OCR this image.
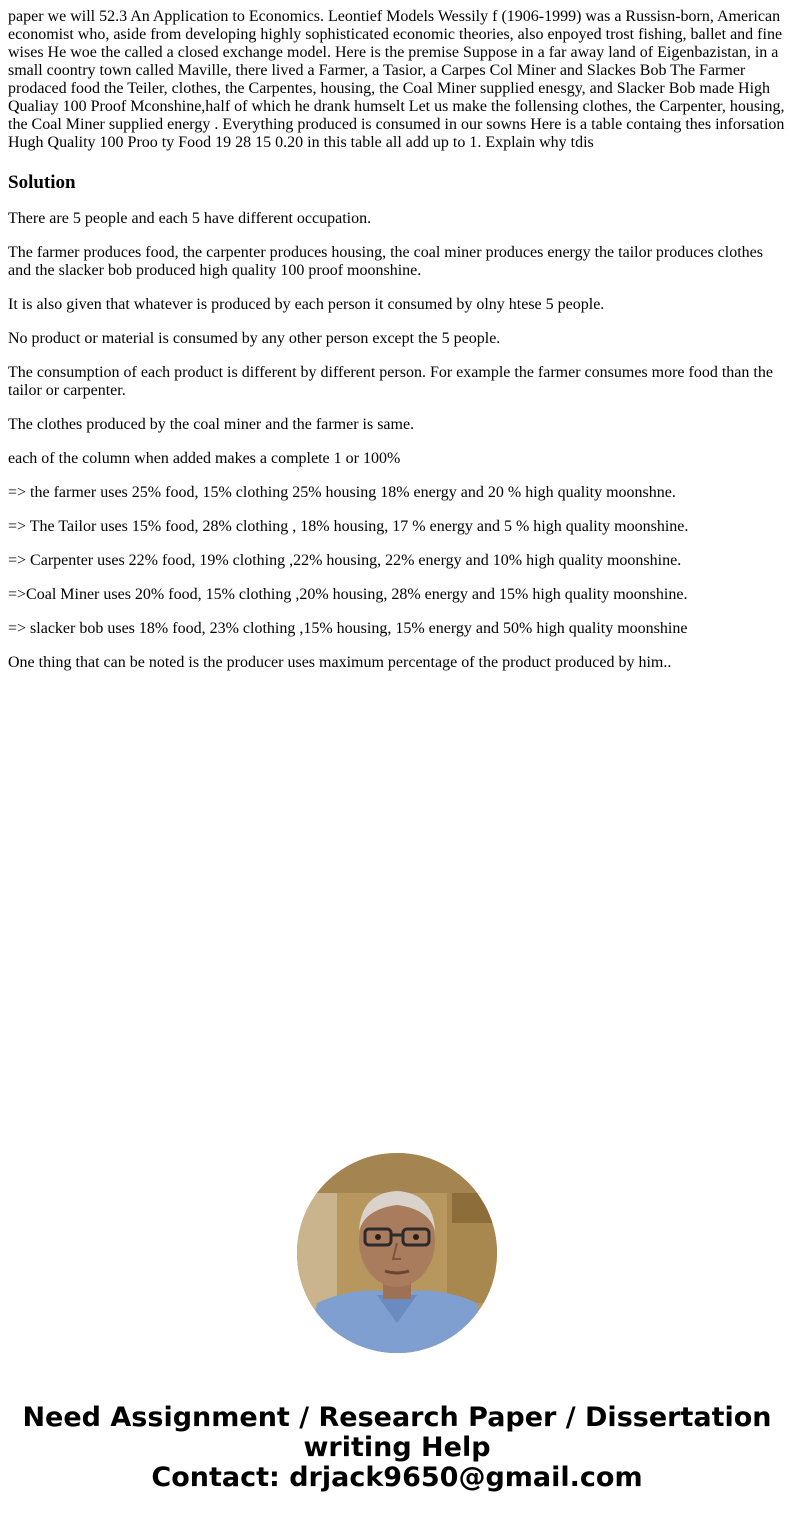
paper we will 52.3 An Application to Economics. Leontief Models Wessily f (1906-1999) was a Russisn-born, American economist who, aside from developing highly sophisticated economic theories, also enpoyed trost fishing, ballet and fine wises He woe the called a closed exchange model. Here is the premise Suppose in a far away land of Eigenbazistan, in a small coontry town called Maville, there lived a Farmer, a Tasior, a Carpes Col Miner and Slackes Bob The Farmer prodaced food the Teiler, clothes, the Carpentes, housing, the Coal Miner supplied enesgy, and Slacker Bob made High Qualiay 100 Proof Mconshine,half of which he drank humselt Let us make the follensing clothes, the Carpenter, housing, the Coal Miner supplied energy . Everything produced is consumed in our sowns Here is a table containg thes inforsation Hugh Quality 100 Proo ty Food 19 28 15 0.20 in this table all add up to 1. Explain why tdis

Solution

There are 5 people and each 5 have different occupation.

The farmer produces food, the carpenter produces housing, the coal miner produces energy the tailor produces clothes and the slacker bob produced high quality 100 proof moonshine.

It is also given that whatever is produced by each person it consumed by olny htese 5 people.

No product or material is consumed by any other person except the 5 people.

The consumption of each product is different by different person. For example the farmer consumes more food than the tailor or carpenter.

The clothes produced by the coal miner and the farmer is same.

each of the column when added makes a complete 1 or 100%

=> the farmer uses 25% food, 15% clothing 25% housing 18% energy and 20 % high quality moonshne.

=> The Tailor uses 15% food, 28% clothing , 18% housing, 17 % energy and 5 % high quality moonshine.

=> Carpenter uses 22% food, 19% clothing ,22% housing, 22% energy and 10% high quality moonshine.

=>Coal Miner uses 20% food, 15% clothing ,20% housing, 28% energy and 15% high quality moonshine.

=> slacker bob uses 18% food, 23% clothing ,15% housing, 15% energy and 50% high quality moonshine

One thing that can be noted is the producer uses maximum percentage of the product produced by him..

Need Assignment / Research Paper / Dissertation writing Help
Contact: drjack9650@gmail.com
